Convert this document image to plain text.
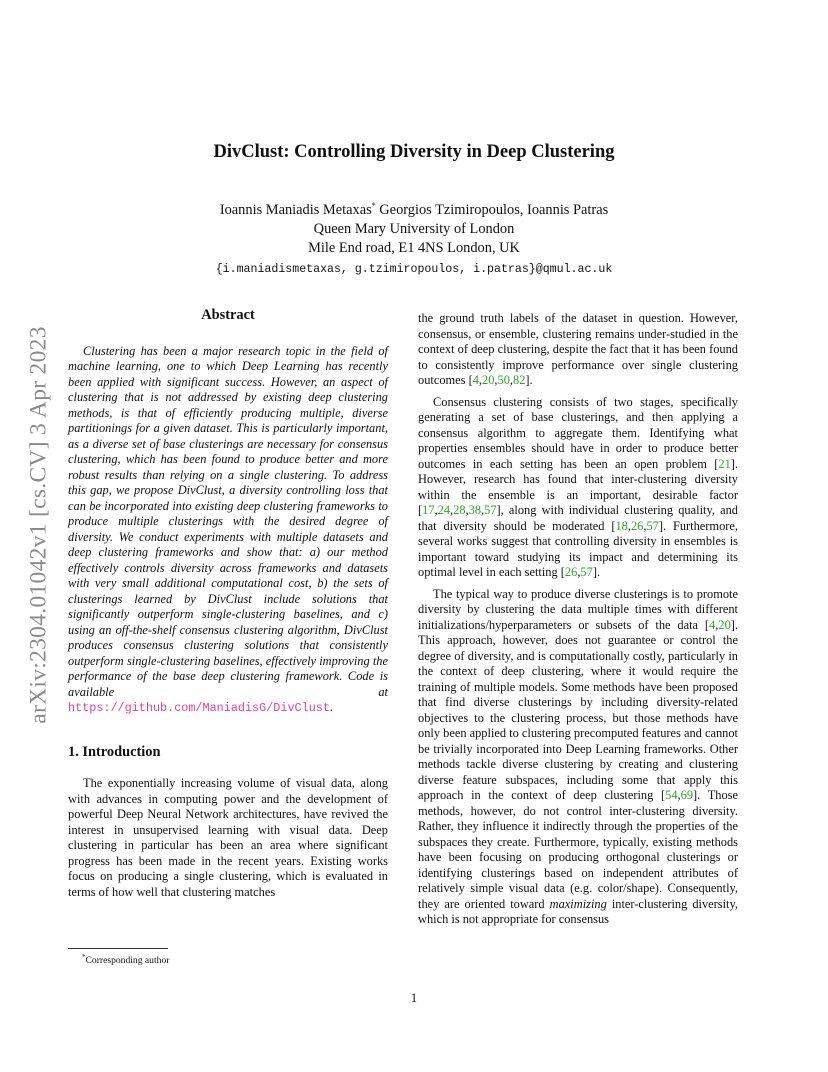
arXiv:2304.01042v1 [cs.CV] 3 Apr 2023
DivClust: Controlling Diversity in Deep Clustering
Ioannis Maniadis Metaxas* Georgios Tzimiropoulos, Ioannis Patras
Queen Mary University of London
Mile End road, E1 4NS London, UK
{i.maniadismetaxas, g.tzimiropoulos, i.patras}@qmul.ac.uk
Abstract

Clustering has been a major research topic in the field of machine learning, one to which Deep Learning has recently been applied with significant success. However, an aspect of clustering that is not addressed by existing deep clustering methods, is that of efficiently producing multiple, diverse partitionings for a given dataset. This is particularly important, as a diverse set of base clusterings are necessary for consensus clustering, which has been found to produce better and more robust results than relying on a single clustering. To address this gap, we propose DivClust, a diversity controlling loss that can be incorporated into existing deep clustering frameworks to produce multiple clusterings with the desired degree of diversity. We conduct experiments with multiple datasets and deep clustering frameworks and show that: a) our method effectively controls diversity across frameworks and datasets with very small additional computational cost, b) the sets of clusterings learned by DivClust include solutions that significantly outperform single-clustering baselines, and c) using an off-the-shelf consensus clustering algorithm, DivClust produces consensus clustering solutions that consistently outperform single-clustering baselines, effectively improving the performance of the base deep clustering framework. Code is available at https://github.com/ManiadisG/DivClust.

1. Introduction

The exponentially increasing volume of visual data, along with advances in computing power and the development of powerful Deep Neural Network architectures, have revived the interest in unsupervised learning with visual data. Deep clustering in particular has been an area where significant progress has been made in the recent years. Existing works focus on producing a single clustering, which is evaluated in terms of how well that clustering matches

the ground truth labels of the dataset in question. However, consensus, or ensemble, clustering remains under-studied in the context of deep clustering, despite the fact that it has been found to consistently improve performance over single clustering outcomes [4,20,50,82].

Consensus clustering consists of two stages, specifically generating a set of base clusterings, and then applying a consensus algorithm to aggregate them. Identifying what properties ensembles should have in order to produce better outcomes in each setting has been an open problem [21]. However, research has found that inter-clustering diversity within the ensemble is an important, desirable factor [17,24,28,38,57], along with individual clustering quality, and that diversity should be moderated [18,26,57]. Furthermore, several works suggest that controlling diversity in ensembles is important toward studying its impact and determining its optimal level in each setting [26,57].

The typical way to produce diverse clusterings is to promote diversity by clustering the data multiple times with different initializations/hyperparameters or subsets of the data [4,20]. This approach, however, does not guarantee or control the degree of diversity, and is computationally costly, particularly in the context of deep clustering, where it would require the training of multiple models. Some methods have been proposed that find diverse clusterings by including diversity-related objectives to the clustering process, but those methods have only been applied to clustering precomputed features and cannot be trivially incorporated into Deep Learning frameworks. Other methods tackle diverse clustering by creating and clustering diverse feature subspaces, including some that apply this approach in the context of deep clustering [54,69]. Those methods, however, do not control inter-clustering diversity. Rather, they influence it indirectly through the properties of the subspaces they create. Furthermore, typically, existing methods have been focusing on producing orthogonal clusterings or identifying clusterings based on independent attributes of relatively simple visual data (e.g. color/shape). Consequently, they are oriented toward maximizing inter-clustering diversity, which is not appropriate for consensus

*Corresponding author
1
